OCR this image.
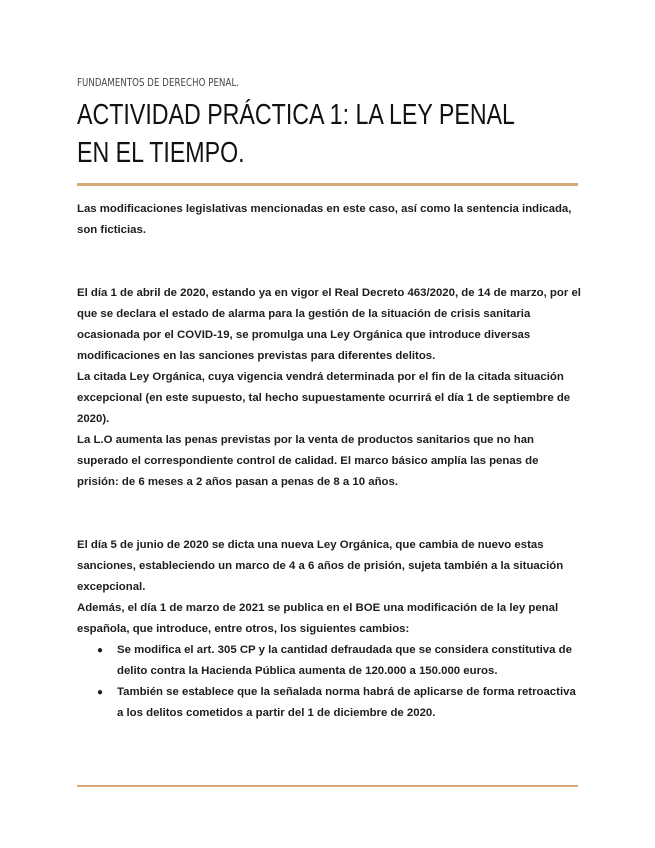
FUNDAMENTOS DE DERECHO PENAL.
ACTIVIDAD PRÁCTICA 1: LA LEY PENAL EN EL TIEMPO.

Las modificaciones legislativas mencionadas en este caso, así como la sentencia indicada, son ficticias.

El día 1 de abril de 2020, estando ya en vigor el Real Decreto 463/2020, de 14 de marzo, por el que se declara el estado de alarma para la gestión de la situación de crisis sanitaria ocasionada por el COVID-19, se promulga una Ley Orgánica que introduce diversas modificaciones en las sanciones previstas para diferentes delitos.

La citada Ley Orgánica, cuya vigencia vendrá determinada por el fin de la citada situación excepcional (en este supuesto, tal hecho supuestamente ocurrirá el día 1 de septiembre de 2020).

La L.O aumenta las penas previstas por la venta de productos sanitarios que no han superado el correspondiente control de calidad. El marco básico amplía las penas de prisión: de 6 meses a 2 años pasan a penas de 8 a 10 años.

El día 5 de junio de 2020 se dicta una nueva Ley Orgánica, que cambia de nuevo estas sanciones, estableciendo un marco de 4 a 6 años de prisión, sujeta también a la situación excepcional.

Además, el día 1 de marzo de 2021 se publica en el BOE una modificación de la ley penal española, que introduce, entre otros, los siguientes cambios:

● Se modifica el art. 305 CP y la cantidad defraudada que se considera constitutiva de delito contra la Hacienda Pública aumenta de 120.000 a 150.000 euros.
● También se establece que la señalada norma habrá de aplicarse de forma retroactiva a los delitos cometidos a partir del 1 de diciembre de 2020.
